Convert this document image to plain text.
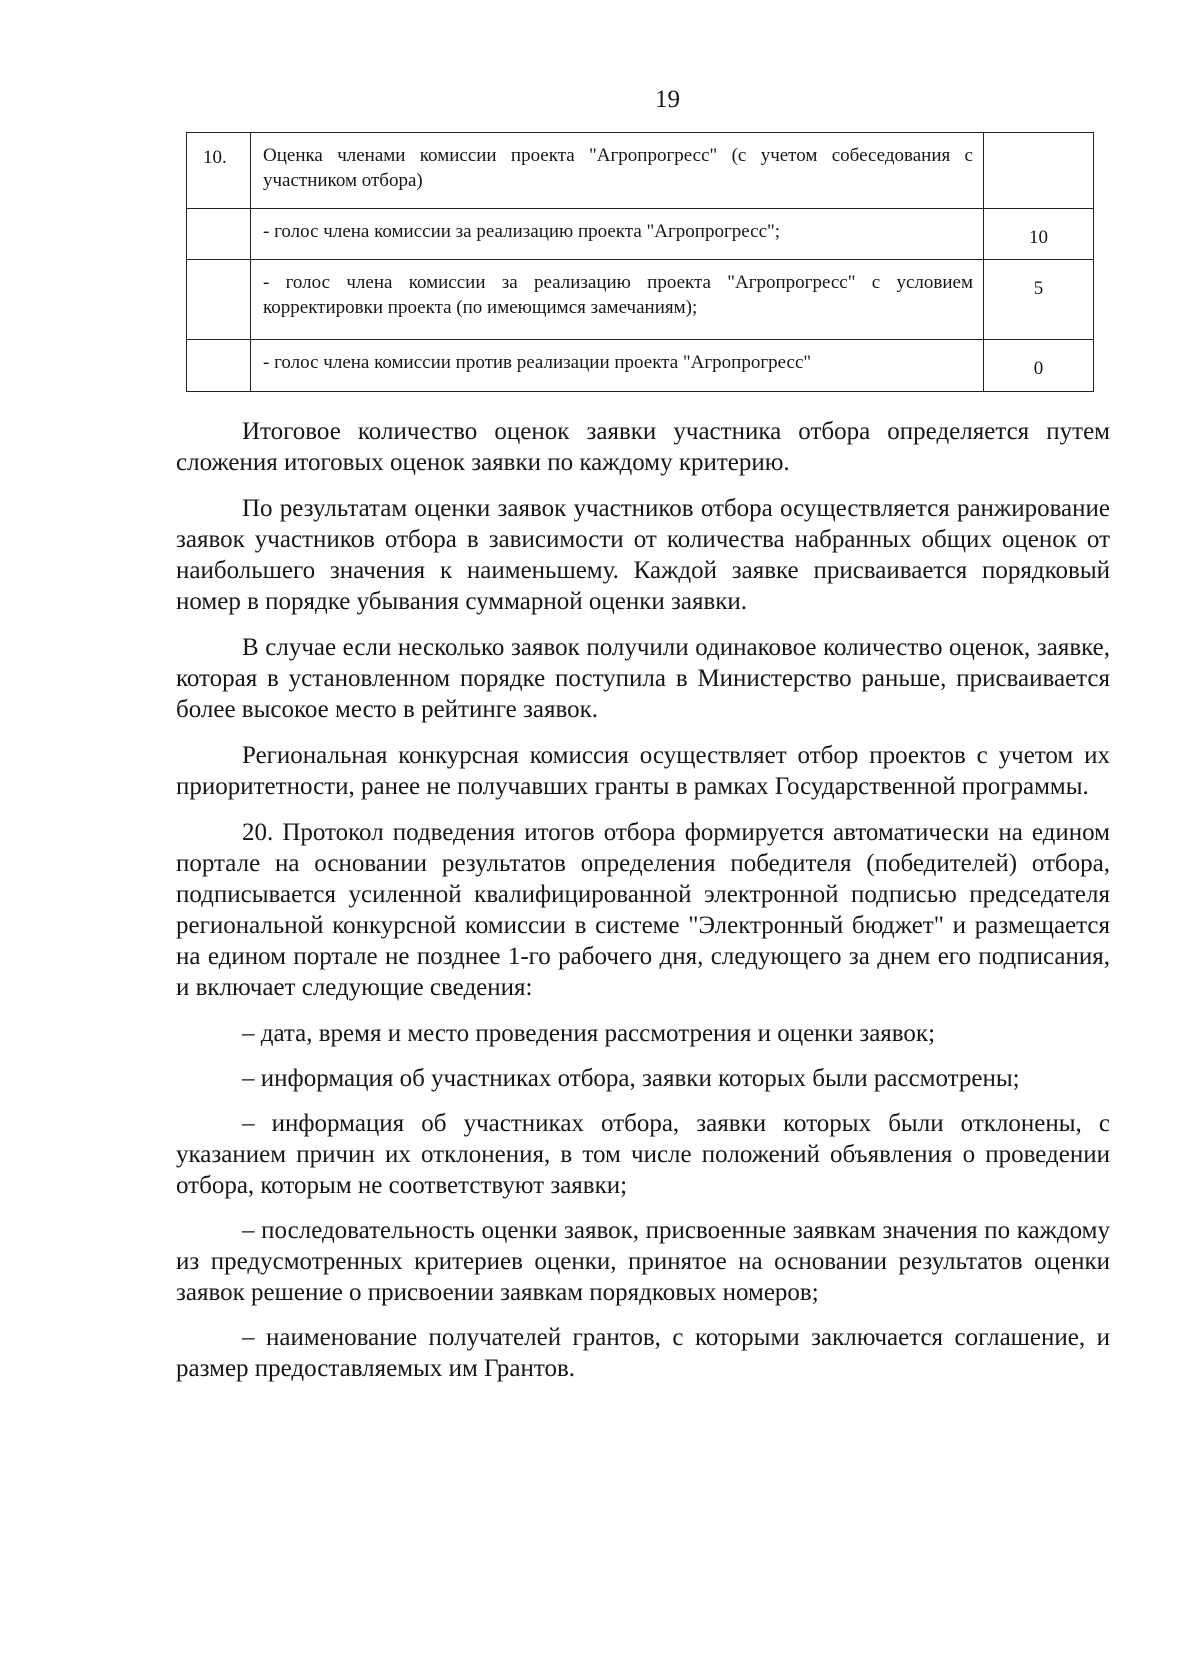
19
10.	Оценка членами комиссии проекта "Агропрогресс" (с учетом собеседования с участником отбора)	
	- голос члена комиссии за реализацию проекта "Агропрогресс";	10
	- голос члена комиссии за реализацию проекта "Агропрогресс" с условием корректировки проекта (по имеющимся замечаниям);	5
	- голос члена комиссии против реализации проекта "Агропрогресс"	0

Итоговое количество оценок заявки участника отбора определяется путем сложения итоговых оценок заявки по каждому критерию.

По результатам оценки заявок участников отбора осуществляется ранжирование заявок участников отбора в зависимости от количества набранных общих оценок от наибольшего значения к наименьшему. Каждой заявке присваивается порядковый номер в порядке убывания суммарной оценки заявки.

В случае если несколько заявок получили одинаковое количество оценок, заявке, которая в установленном порядке поступила в Министерство раньше, присваивается более высокое место в рейтинге заявок.

Региональная конкурсная комиссия осуществляет отбор проектов с учетом их приоритетности, ранее не получавших гранты в рамках Государственной программы.

20. Протокол подведения итогов отбора формируется автоматически на едином портале на основании результатов определения победителя (победителей) отбора, подписывается усиленной квалифицированной электронной подписью председателя региональной конкурсной комиссии в системе "Электронный бюджет" и размещается на едином портале не позднее 1-го рабочего дня, следующего за днем его подписания, и включает следующие сведения:

– дата, время и место проведения рассмотрения и оценки заявок;

– информация об участниках отбора, заявки которых были рассмотрены;

– информация об участниках отбора, заявки которых были отклонены, с указанием причин их отклонения, в том числе положений объявления о проведении отбора, которым не соответствуют заявки;

– последовательность оценки заявок, присвоенные заявкам значения по каждому из предусмотренных критериев оценки, принятое на основании результатов оценки заявок решение о присвоении заявкам порядковых номеров;

– наименование получателей грантов, с которыми заключается соглашение, и размер предоставляемых им Грантов.
